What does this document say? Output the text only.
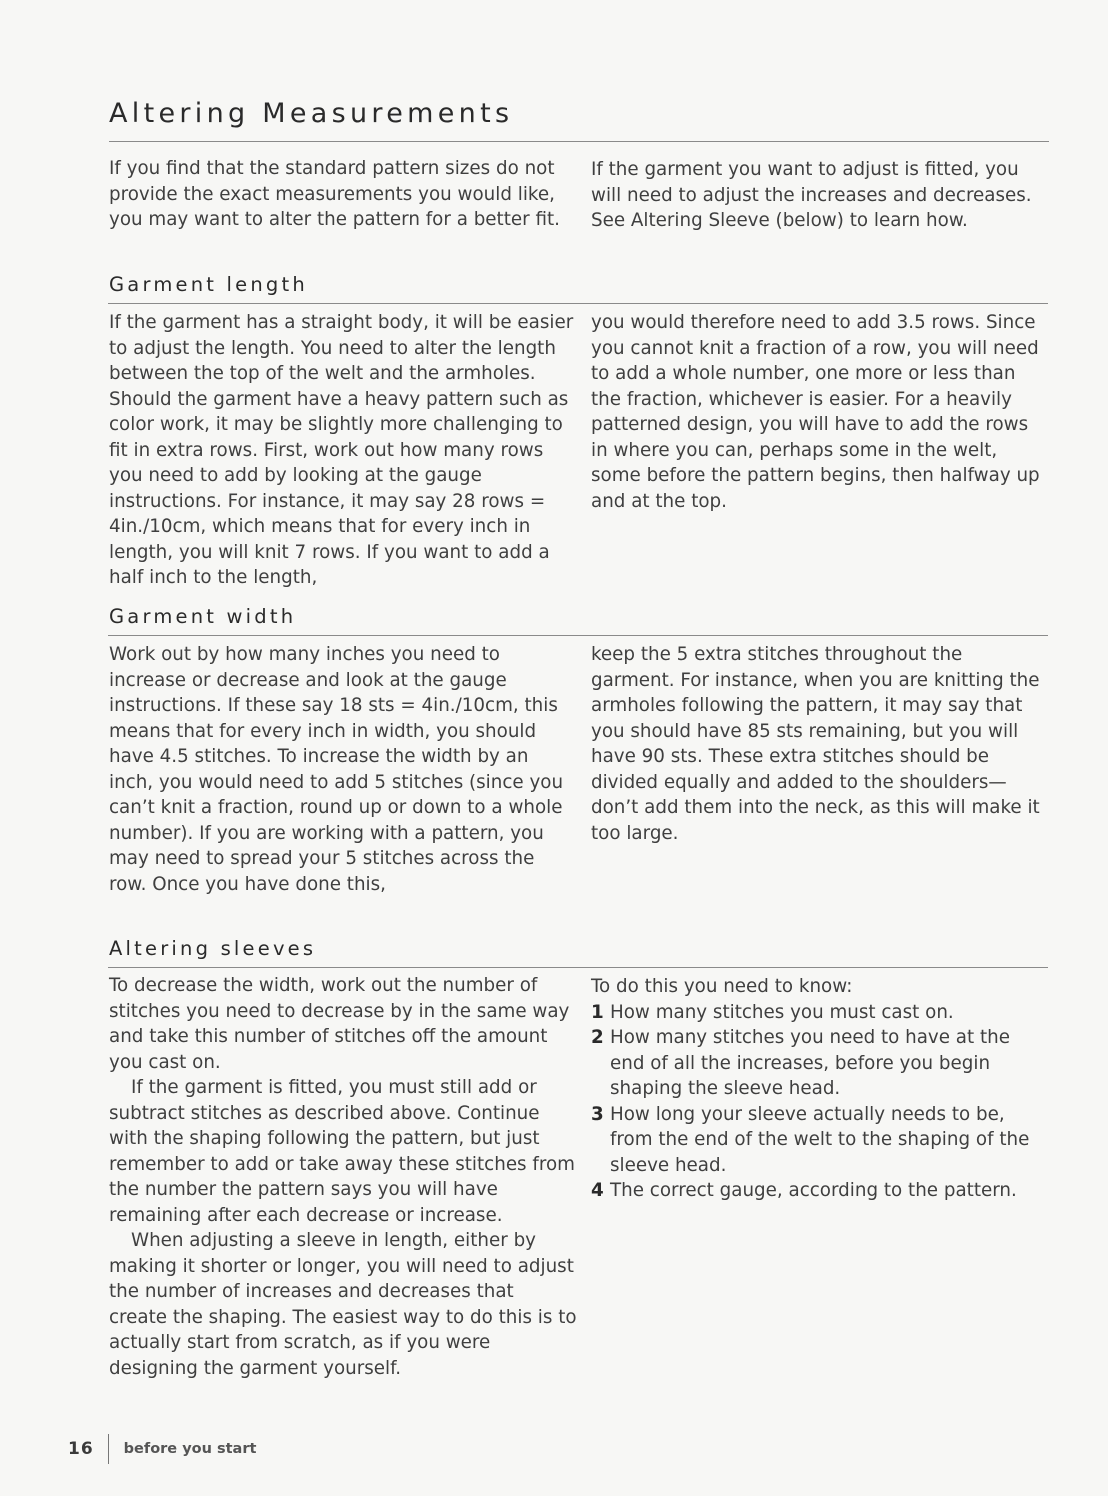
Altering Measurements

If you find that the standard pattern sizes do not provide the exact measurements you would like, you may want to alter the pattern for a better fit.

If the garment you want to adjust is fitted, you will need to adjust the increases and decreases. See Altering Sleeve (below) to learn how.

Garment length

If the garment has a straight body, it will be easier to adjust the length. You need to alter the length between the top of the welt and the armholes. Should the garment have a heavy pattern such as color work, it may be slightly more challenging to fit in extra rows. First, work out how many rows you need to add by looking at the gauge instructions. For instance, it may say 28 rows = 4in./10cm, which means that for every inch in length, you will knit 7 rows. If you want to add a half inch to the length,

you would therefore need to add 3.5 rows. Since you cannot knit a fraction of a row, you will need to add a whole number, one more or less than the fraction, whichever is easier. For a heavily patterned design, you will have to add the rows in where you can, perhaps some in the welt, some before the pattern begins, then halfway up and at the top.

Garment width

Work out by how many inches you need to increase or decrease and look at the gauge instructions. If these say 18 sts = 4in./10cm, this means that for every inch in width, you should have 4.5 stitches. To increase the width by an inch, you would need to add 5 stitches (since you can’t knit a fraction, round up or down to a whole number). If you are working with a pattern, you may need to spread your 5 stitches across the row. Once you have done this,

keep the 5 extra stitches throughout the garment. For instance, when you are knitting the armholes following the pattern, it may say that you should have 85 sts remaining, but you will have 90 sts. These extra stitches should be divided equally and added to the shoulders—don’t add them into the neck, as this will make it too large.

Altering sleeves

To decrease the width, work out the number of stitches you need to decrease by in the same way and take this number of stitches off the amount you cast on.

If the garment is fitted, you must still add or subtract stitches as described above. Continue with the shaping following the pattern, but just remember to add or take away these stitches from the number the pattern says you will have remaining after each decrease or increase.

When adjusting a sleeve in length, either by making it shorter or longer, you will need to adjust the number of increases and decreases that create the shaping. The easiest way to do this is to actually start from scratch, as if you were designing the garment yourself.

To do this you need to know:

1 How many stitches you must cast on.
2 How many stitches you need to have at the end of all the increases, before you begin shaping the sleeve head.
3 How long your sleeve actually needs to be, from the end of the welt to the shaping of the sleeve head.
4 The correct gauge, according to the pattern.
16 before you start
